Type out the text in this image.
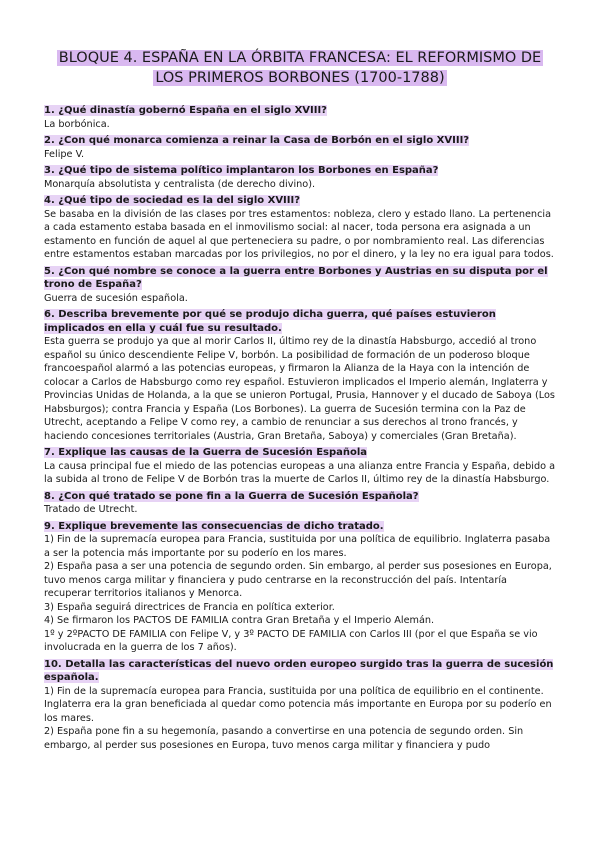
BLOQUE 4. ESPAÑA EN LA ÓRBITA FRANCESA: EL REFORMISMO DE LOS PRIMEROS BORBONES (1700-1788)
1. ¿Qué dinastía gobernó España en el siglo XVIII?

La borbónica.

2. ¿Con qué monarca comienza a reinar la Casa de Borbón en el siglo XVIII?

Felipe V.

3. ¿Qué tipo de sistema político implantaron los Borbones en España?

Monarquía absolutista y centralista (de derecho divino).

4. ¿Qué tipo de sociedad es la del siglo XVIII?

Se basaba en la división de las clases por tres estamentos: nobleza, clero y estado llano. La pertenencia a cada estamento estaba basada en el inmovilismo social: al nacer, toda persona era asignada a un estamento en función de aquel al que perteneciera su padre, o por nombramiento real. Las diferencias entre estamentos estaban marcadas por los privilegios, no por el dinero, y la ley no era igual para todos.

5. ¿Con qué nombre se conoce a la guerra entre Borbones y Austrias en su disputa por el trono de España?

Guerra de sucesión española.

6. Describa brevemente por qué se produjo dicha guerra, qué países estuvieron implicados en ella y cuál fue su resultado.

Esta guerra se produjo ya que al morir Carlos II, último rey de la dinastía Habsburgo, accedió al trono español su único descendiente Felipe V, borbón. La posibilidad de formación de un poderoso bloque francoespañol alarmó a las potencias europeas, y firmaron la Alianza de la Haya con la intención de colocar a Carlos de Habsburgo como rey español. Estuvieron implicados el Imperio alemán, Inglaterra y Provincias Unidas de Holanda, a la que se unieron Portugal, Prusia, Hannover y el ducado de Saboya (Los Habsburgos); contra Francia y España (Los Borbones). La guerra de Sucesión termina con la Paz de Utrecht, aceptando a Felipe V como rey, a cambio de renunciar a sus derechos al trono francés, y haciendo concesiones territoriales (Austria, Gran Bretaña, Saboya) y comerciales (Gran Bretaña).

7. Explique las causas de la Guerra de Sucesión Española

La causa principal fue el miedo de las potencias europeas a una alianza entre Francia y España, debido a la subida al trono de Felipe V de Borbón tras la muerte de Carlos II, último rey de la dinastía Habsburgo.

8. ¿Con qué tratado se pone fin a la Guerra de Sucesión Española?

Tratado de Utrecht.

9. Explique brevemente las consecuencias de dicho tratado.

1) Fin de la supremacía europea para Francia, sustituida por una política de equilibrio. Inglaterra pasaba a ser la potencia más importante por su poderío en los mares.

2) España pasa a ser una potencia de segundo orden. Sin embargo, al perder sus posesiones en Europa, tuvo menos carga militar y financiera y pudo centrarse en la reconstrucción del país. Intentaría recuperar territorios italianos y Menorca.

3) España seguirá directrices de Francia en política exterior.

4) Se firmaron los PACTOS DE FAMILIA contra Gran Bretaña y el Imperio Alemán.

1º y 2ºPACTO DE FAMILIA con Felipe V, y 3º PACTO DE FAMILIA con Carlos III (por el que España se vio involucrada en la guerra de los 7 años).

10. Detalla las características del nuevo orden europeo surgido tras la guerra de sucesión española.

1) Fin de la supremacía europea para Francia, sustituida por una política de equilibrio en el continente. Inglaterra era la gran beneficiada al quedar como potencia más importante en Europa por su poderío en los mares.

2) España pone fin a su hegemonía, pasando a convertirse en una potencia de segundo orden. Sin embargo, al perder sus posesiones en Europa, tuvo menos carga militar y financiera y pudo
